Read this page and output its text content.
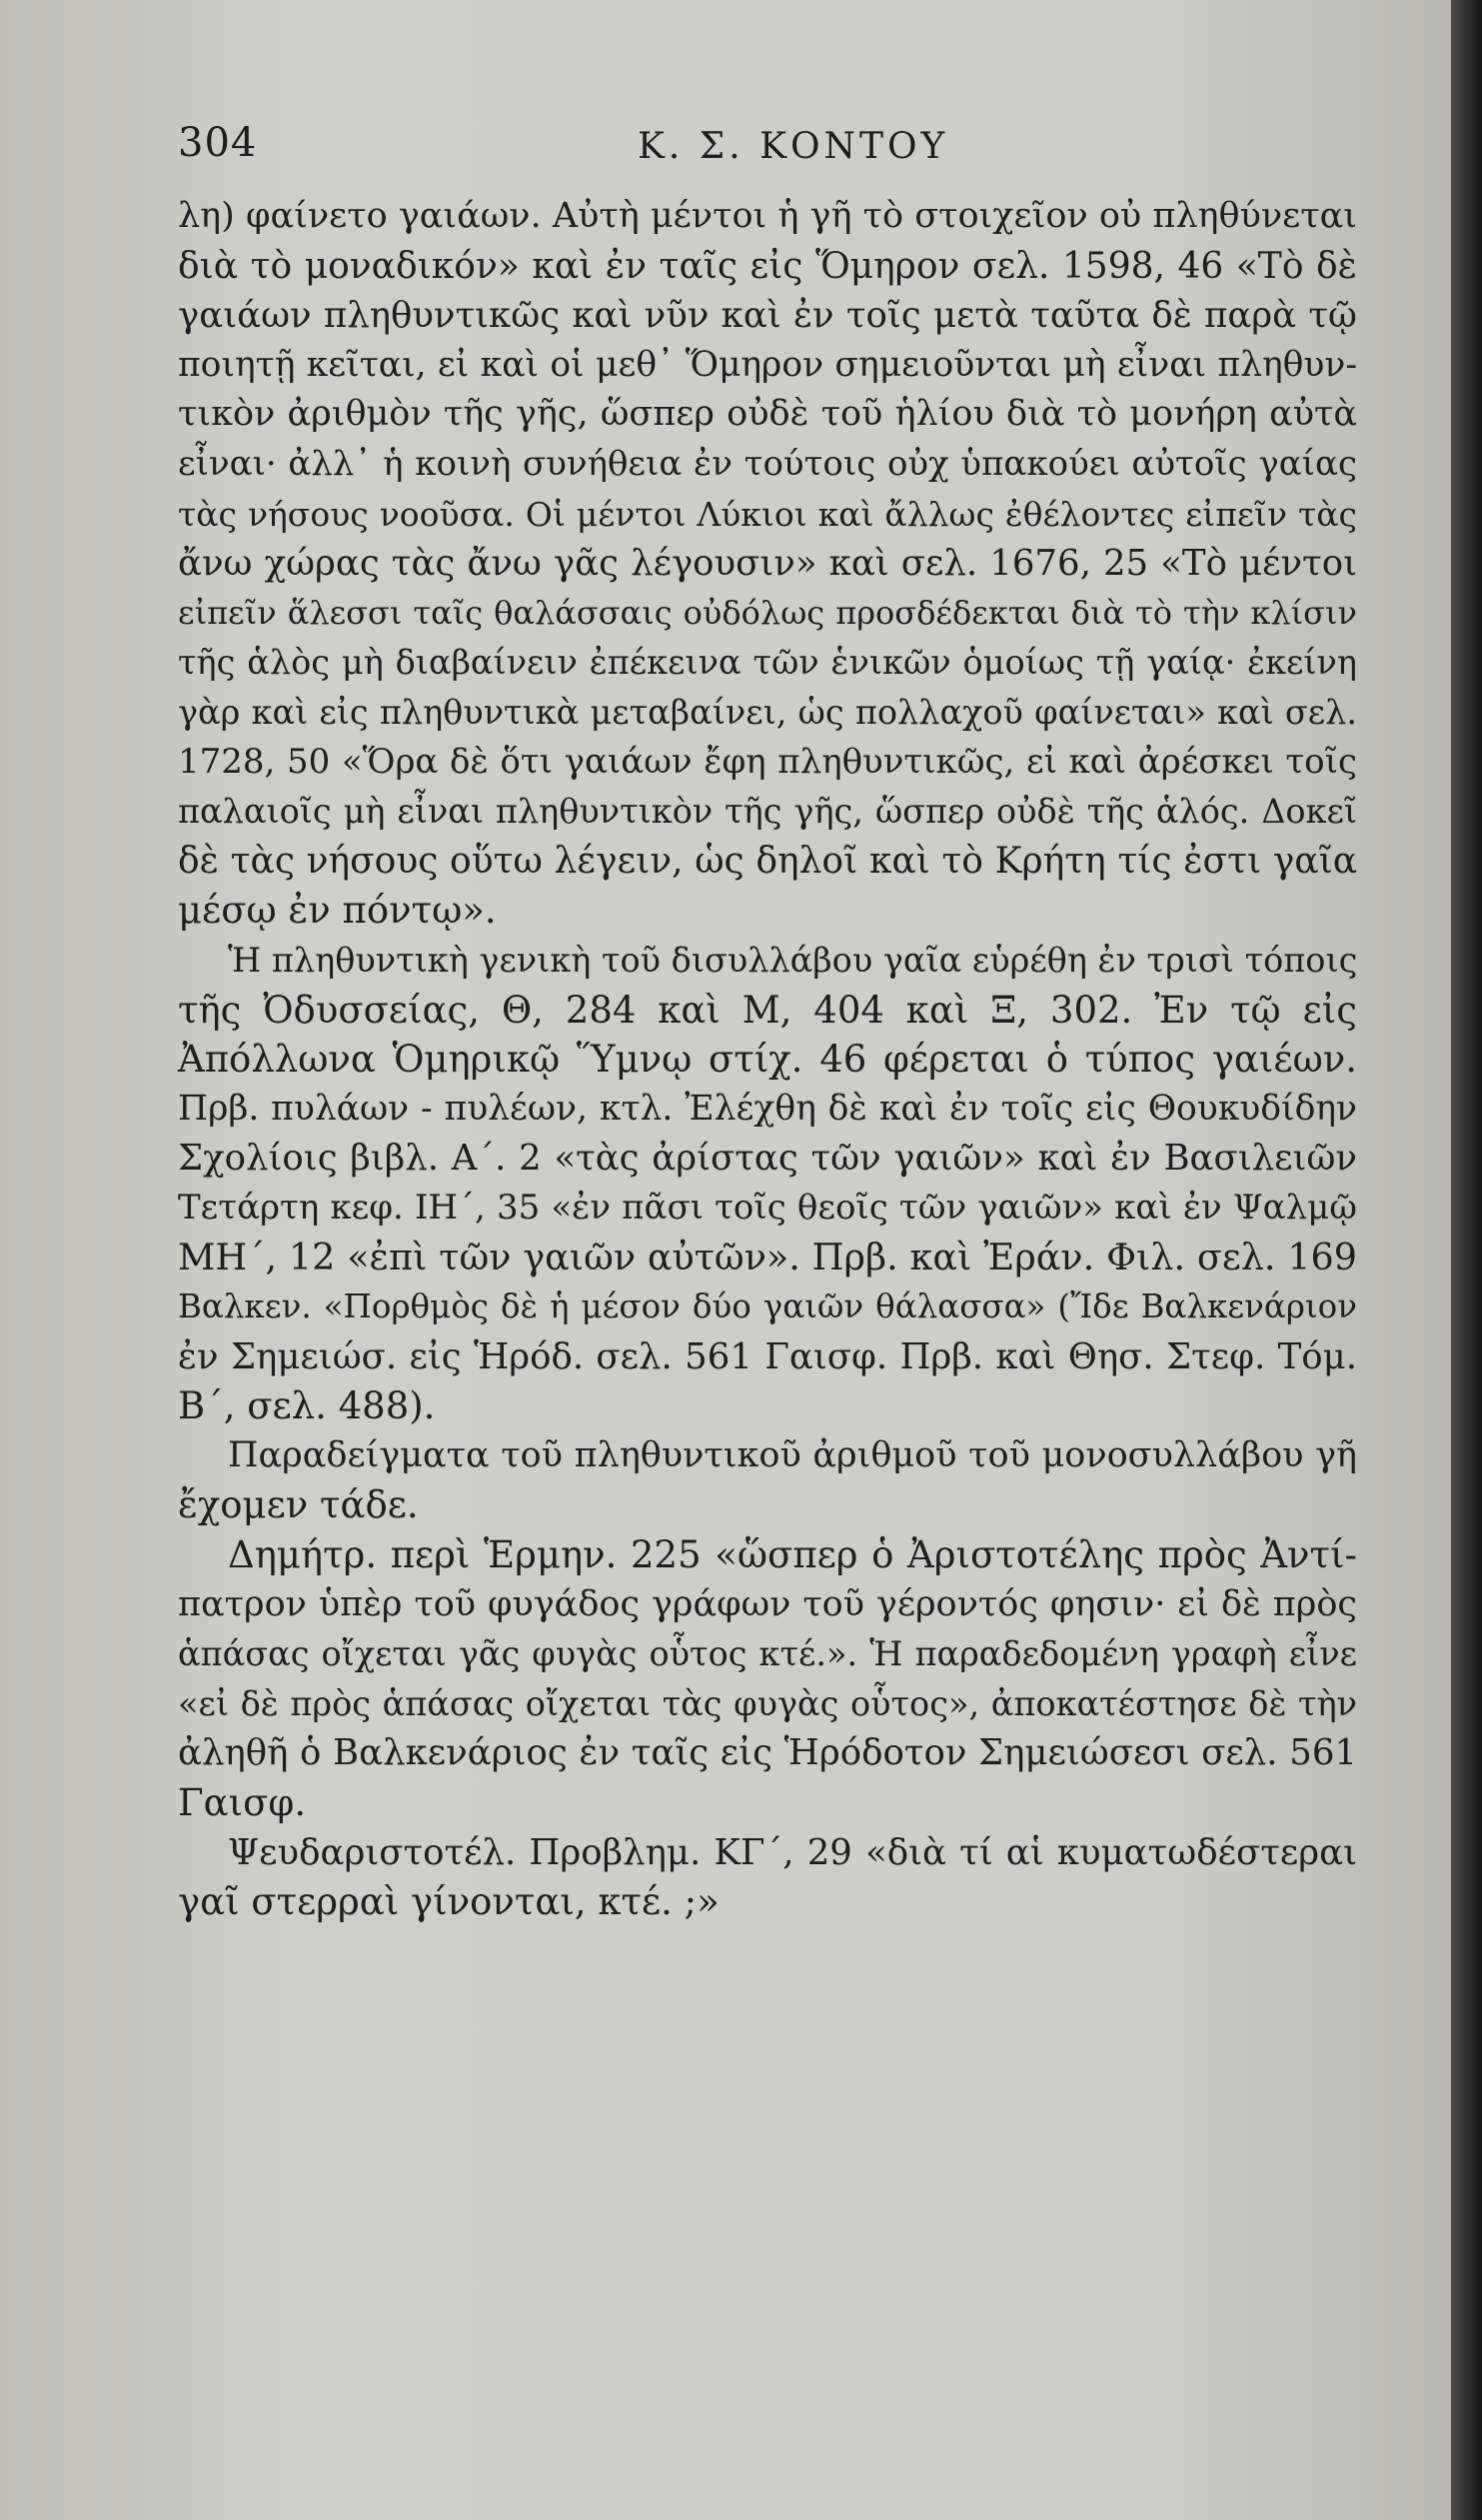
304	Κ. Σ. ΚΟΝΤΟΥ
λη) φαίνετο γαιάων. Αὐτὴ μέντοι ἡ γῆ τὸ στοιχεῖον οὐ πληθύνεται
διὰ τὸ μοναδικόν» καὶ ἐν ταῖς εἰς Ὅμηρον σελ. 1598, 46 «Τὸ δὲ
γαιάων πληθυντικῶς καὶ νῦν καὶ ἐν τοῖς μετὰ ταῦτα δὲ παρὰ τῷ
ποιητῇ κεῖται, εἰ καὶ οἱ μεθ᾽ Ὅμηρον σημειοῦνται μὴ εἶναι πληθυν-
τικὸν ἀριθμὸν τῆς γῆς, ὥσπερ οὐδὲ τοῦ ἡλίου διὰ τὸ μονήρη αὐτὰ
εἶναι· ἀλλ᾽ ἡ κοινὴ συνήθεια ἐν τούτοις οὐχ ὑπακούει αὐτοῖς γαίας
τὰς νήσους νοοῦσα. Οἱ μέντοι Λύκιοι καὶ ἄλλως ἐθέλοντες εἰπεῖν τὰς
ἄνω χώρας τὰς ἄνω γᾶς λέγουσιν» καὶ σελ. 1676, 25 «Τὸ μέντοι
εἰπεῖν ἅλεσσι ταῖς θαλάσσαις οὐδόλως προσδέδεκται διὰ τὸ τὴν κλίσιν
τῆς ἁλὸς μὴ διαβαίνειν ἐπέκεινα τῶν ἑνικῶν ὁμοίως τῇ γαίᾳ· ἐκείνη
γὰρ καὶ εἰς πληθυντικὰ μεταβαίνει, ὡς πολλαχοῦ φαίνεται» καὶ σελ.
1728, 50 «Ὅρα δὲ ὅτι γαιάων ἔφη πληθυντικῶς, εἰ καὶ ἀρέσκει τοῖς
παλαιοῖς μὴ εἶναι πληθυντικὸν τῆς γῆς, ὥσπερ οὐδὲ τῆς ἁλός. Δοκεῖ
δὲ τὰς νήσους οὕτω λέγειν, ὡς δηλοῖ καὶ τὸ Κρήτη τίς ἐστι γαῖα
μέσῳ ἐν πόντῳ».
Ἡ πληθυντικὴ γενικὴ τοῦ δισυλλάβου γαῖα εὑρέθη ἐν τρισὶ τόποις
τῆς Ὀδυσσείας, Θ, 284 καὶ Μ, 404 καὶ Ξ, 302. Ἐν τῷ εἰς
Ἀπόλλωνα Ὁμηρικῷ Ὕμνῳ στίχ. 46 φέρεται ὁ τύπος γαιέων.
Πρβ. πυλάων - πυλέων, κτλ. Ἐλέχθη δὲ καὶ ἐν τοῖς εἰς Θουκυδίδην
Σχολίοις βιβλ. Α΄. 2 «τὰς ἀρίστας τῶν γαιῶν» καὶ ἐν Βασιλειῶν
Τετάρτη κεφ. ΙΗ΄, 35 «ἐν πᾶσι τοῖς θεοῖς τῶν γαιῶν» καὶ ἐν Ψαλμῷ
ΜΗ΄, 12 «ἐπὶ τῶν γαιῶν αὐτῶν». Πρβ. καὶ Ἐράν. Φιλ. σελ. 169
Βαλκεν. «Πορθμὸς δὲ ἡ μέσον δύο γαιῶν θάλασσα» (Ἴδε Βαλκενάριον
ἐν Σημειώσ. εἰς Ἡρόδ. σελ. 561 Γαισφ. Πρβ. καὶ Θησ. Στεφ. Τόμ.
Β΄, σελ. 488).
Παραδείγματα τοῦ πληθυντικοῦ ἀριθμοῦ τοῦ μονοσυλλάβου γῆ
ἔχομεν τάδε.
Δημήτρ. περὶ Ἑρμην. 225 «ὥσπερ ὁ Ἀριστοτέλης πρὸς Ἀντί-
πατρον ὑπὲρ τοῦ φυγάδος γράφων τοῦ γέροντός φησιν· εἰ δὲ πρὸς
ἁπάσας οἴχεται γᾶς φυγὰς οὗτος κτέ.». Ἡ παραδεδομένη γραφὴ εἶνε
«εἰ δὲ πρὸς ἁπάσας οἴχεται τὰς φυγὰς οὗτος», ἀποκατέστησε δὲ τὴν
ἀληθῆ ὁ Βαλκενάριος ἐν ταῖς εἰς Ἡρόδοτον Σημειώσεσι σελ. 561
Γαισφ.
Ψευδαριστοτέλ. Προβλημ. ΚΓ΄, 29 «διὰ τί αἱ κυματωδέστεραι
γαῖ στερραὶ γίνονται, κτέ. ;»
